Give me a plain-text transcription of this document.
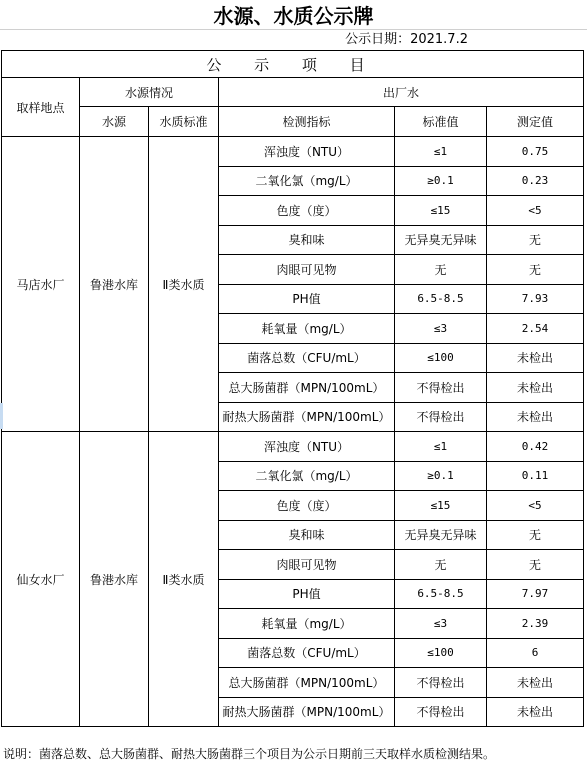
水源、水质公示牌
公示日期：2021.7.2
公 示 项 目					
取样地点	水源情况		出厂水		
	水源	水质标准	检测指标	标准值	测定值
马店水厂	鲁港水库	Ⅱ类水质	浑浊度（NTU）	≤1	0.75
			二氧化氯（mg/L）	≥0.1	0.23
			色度（度）	≤15	<5
			臭和味	无异臭无异味	无
			肉眼可见物	无	无
			PH值	6.5-8.5	7.93
			耗氧量（mg/L）	≤3	2.54
			菌落总数（CFU/mL）	≤100	未检出
			总大肠菌群（MPN/100mL）	不得检出	未检出
			耐热大肠菌群（MPN/100mL）	不得检出	未检出
仙女水厂	鲁港水库	Ⅱ类水质	浑浊度（NTU）	≤1	0.42
			二氧化氯（mg/L）	≥0.1	0.11
			色度（度）	≤15	<5
			臭和味	无异臭无异味	无
			肉眼可见物	无	无
			PH值	6.5-8.5	7.97
			耗氧量（mg/L）	≤3	2.39
			菌落总数（CFU/mL）	≤100	6
			总大肠菌群（MPN/100mL）	不得检出	未检出
			耐热大肠菌群（MPN/100mL）	不得检出	未检出
说明：菌落总数、总大肠菌群、耐热大肠菌群三个项目为公示日期前三天取样水质检测结果。
